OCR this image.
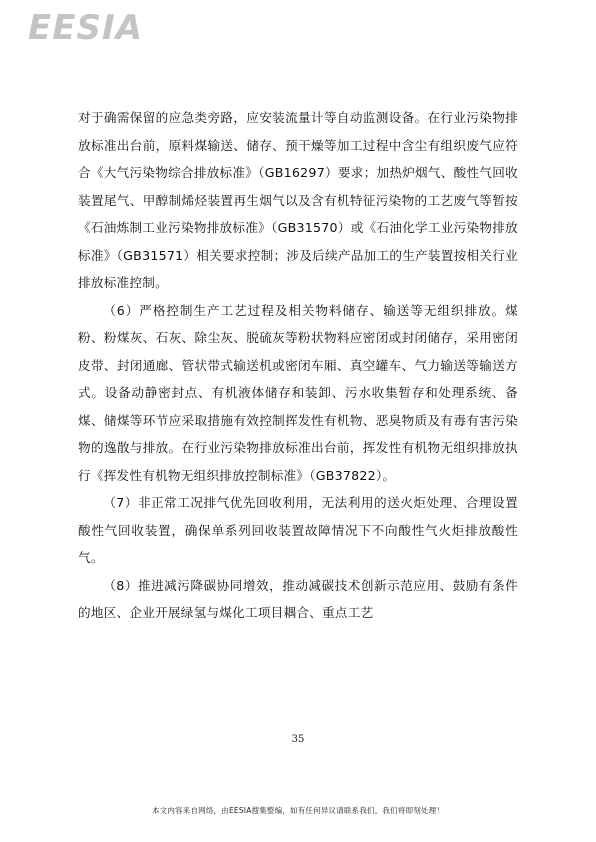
EESIA

对于确需保留的应急类旁路，应安装流量计等自动监测设备。在行业污染物排放标准出台前，原料煤输送、储存、预干燥等加工过程中含尘有组织废气应符合《大气污染物综合排放标准》（GB16297）要求；加热炉烟气、酸性气回收装置尾气、甲醇制烯烃装置再生烟气以及含有机特征污染物的工艺废气等暂按《石油炼制工业污染物排放标准》（GB31570）或《石油化学工业污染物排放标准》（GB31571）相关要求控制；涉及后续产品加工的生产装置按相关行业排放标准控制。

（6）严格控制生产工艺过程及相关物料储存、输送等无组织排放。煤粉、粉煤灰、石灰、除尘灰、脱硫灰等粉状物料应密闭或封闭储存，采用密闭皮带、封闭通廊、管状带式输送机或密闭车厢、真空罐车、气力输送等输送方式。设备动静密封点、有机液体储存和装卸、污水收集暂存和处理系统、备煤、储煤等环节应采取措施有效控制挥发性有机物、恶臭物质及有毒有害污染物的逸散与排放。在行业污染物排放标准出台前，挥发性有机物无组织排放执行《挥发性有机物无组织排放控制标准》（GB37822）。

（7）非正常工况排气优先回收利用，无法利用的送火炬处理、合理设置酸性气回收装置，确保单系列回收装置故障情况下不向酸性气火炬排放酸性气。

（8）推进减污降碳协同增效，推动减碳技术创新示范应用、鼓励有条件的地区、企业开展绿氢与煤化工项目耦合、重点工艺

35
本文内容来自网络，由EESIA搜集整编，如有任何异议请联系我们，我们将即刻处理！
